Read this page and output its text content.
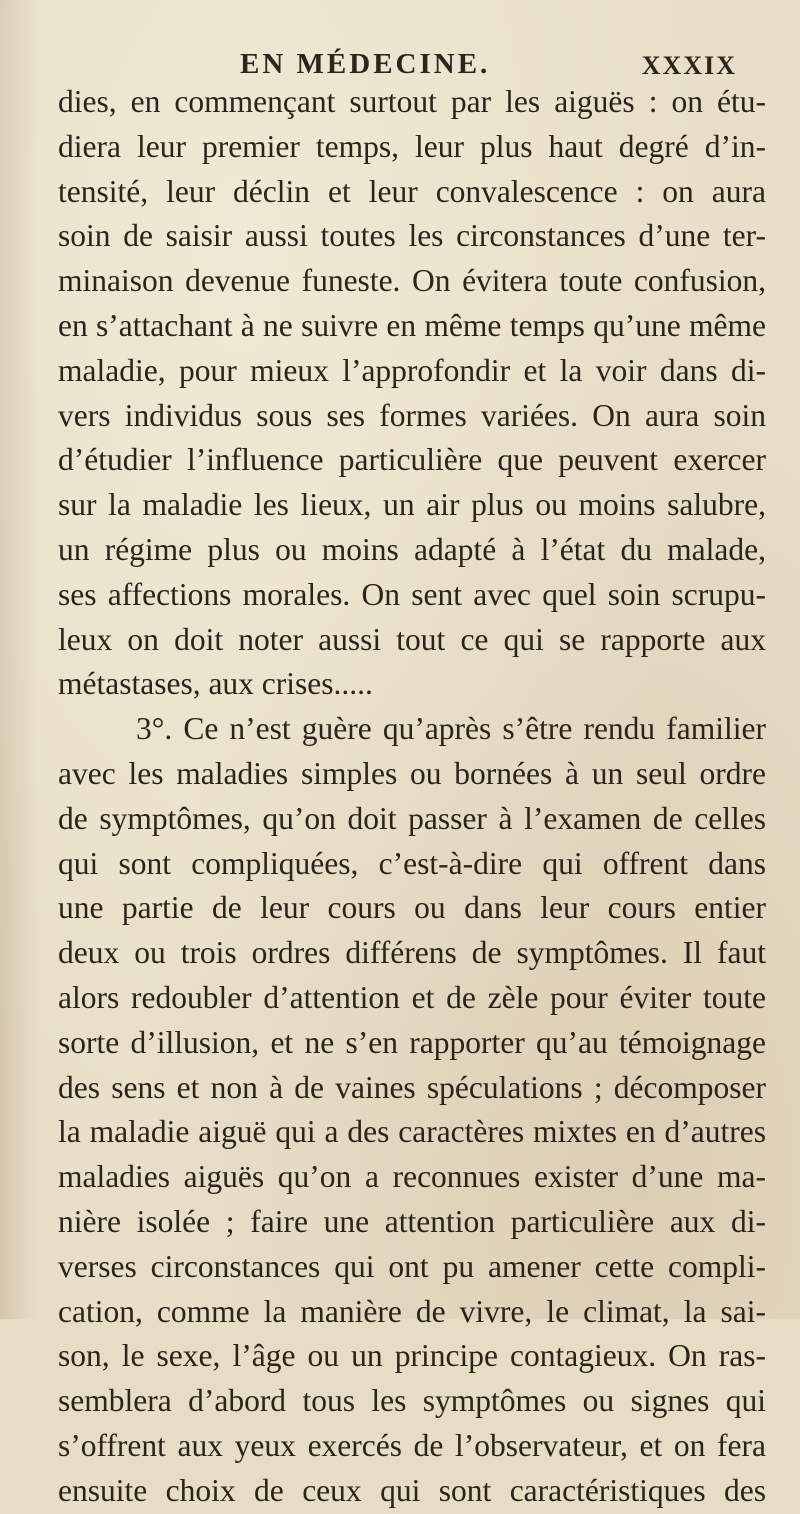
EN MÉDECINE.	XXXIX
dies, en commençant surtout par les aiguës : on étu-
diera leur premier temps, leur plus haut degré d’in-
tensité, leur déclin et leur convalescence : on aura
soin de saisir aussi toutes les circonstances d’une ter-
minaison devenue funeste. On évitera toute confusion,
en s’attachant à ne suivre en même temps qu’une même
maladie, pour mieux l’approfondir et la voir dans di-
vers individus sous ses formes variées. On aura soin
d’étudier l’influence particulière que peuvent exercer
sur la maladie les lieux, un air plus ou moins salubre,
un régime plus ou moins adapté à l’état du malade,
ses affections morales. On sent avec quel soin scrupu-
leux on doit noter aussi tout ce qui se rapporte aux
métastases, aux crises.....
3°. Ce n’est guère qu’après s’être rendu familier
avec les maladies simples ou bornées à un seul ordre
de symptômes, qu’on doit passer à l’examen de celles
qui sont compliquées, c’est-à-dire qui offrent dans
une partie de leur cours ou dans leur cours entier
deux ou trois ordres différens de symptômes. Il faut
alors redoubler d’attention et de zèle pour éviter toute
sorte d’illusion, et ne s’en rapporter qu’au témoignage
des sens et non à de vaines spéculations ; décomposer
la maladie aiguë qui a des caractères mixtes en d’autres
maladies aiguës qu’on a reconnues exister d’une ma-
nière isolée ; faire une attention particulière aux di-
verses circonstances qui ont pu amener cette compli-
cation, comme la manière de vivre, le climat, la sai-
son, le sexe, l’âge ou un principe contagieux. On ras-
semblera d’abord tous les symptômes ou signes qui
s’offrent aux yeux exercés de l’observateur, et on fera
ensuite choix de ceux qui sont caractéristiques des
